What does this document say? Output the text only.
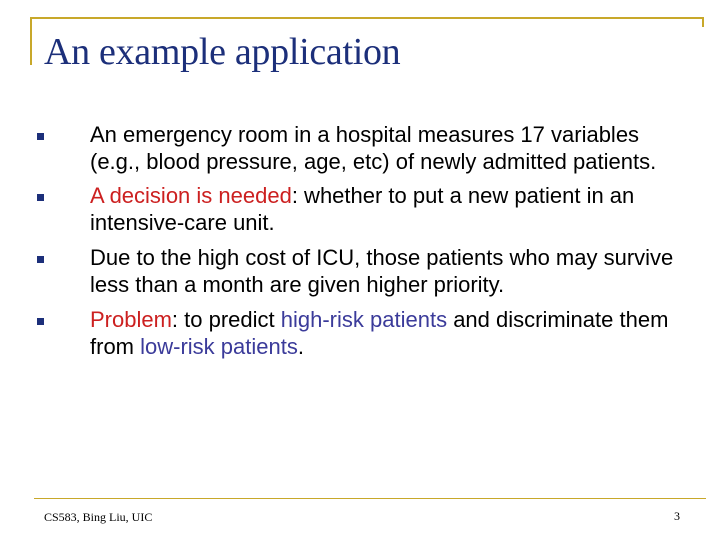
An example application
An emergency room in a hospital measures 17 variables (e.g., blood pressure, age, etc) of newly admitted patients.
A decision is needed: whether to put a new patient in an intensive-care unit.
Due to the high cost of ICU, those patients who may survive less than a month are given higher priority.
Problem: to predict high-risk patients and discriminate them from low-risk patients.
CS583, Bing Liu, UIC	3
